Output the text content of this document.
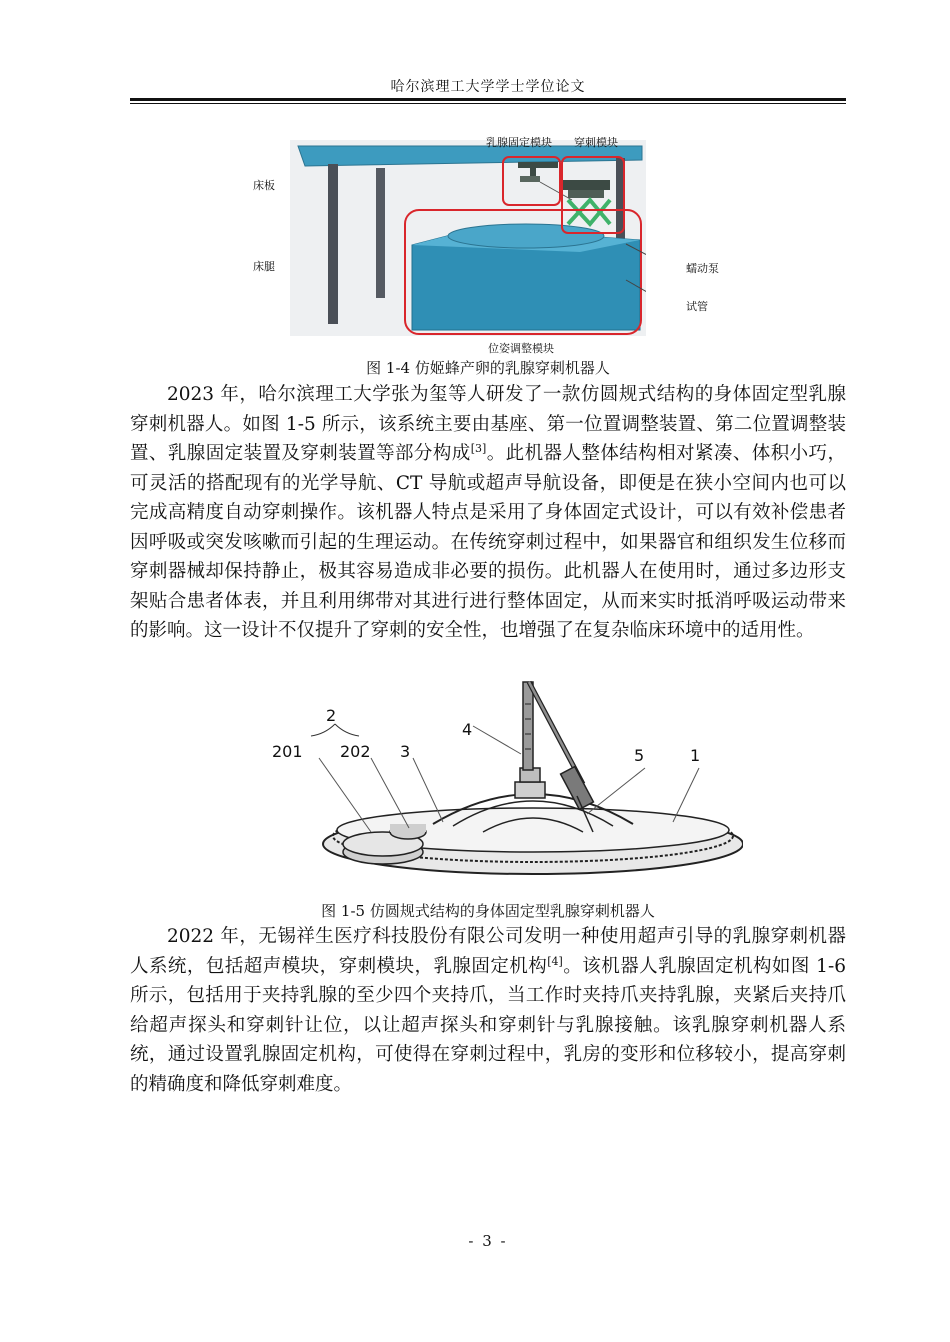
哈尔滨理工大学学士学位论文
床板
床腿
乳腺固定模块 穿刺模块
蠕动泵
试管
位姿调整模块
图 1-4 仿姬蜂产卵的乳腺穿刺机器人

2023 年，哈尔滨理工大学张为玺等人研发了一款仿圆规式结构的身体固定型乳腺穿刺机器人。如图 1-5 所示，该系统主要由基座、第一位置调整装置、第二位置调整装置、乳腺固定装置及穿刺装置等部分构成[3]。此机器人整体结构相对紧凑、体积小巧，可灵活的搭配现有的光学导航、CT 导航或超声导航设备，即便是在狭小空间内也可以完成高精度自动穿刺操作。该机器人特点是采用了身体固定式设计，可以有效补偿患者因呼吸或突发咳嗽而引起的生理运动。在传统穿刺过程中，如果器官和组织发生位移而穿刺器械却保持静止，极其容易造成非必要的损伤。此机器人在使用时，通过多边形支架贴合患者体表，并且利用绑带对其进行进行整体固定，从而来实时抵消呼吸运动带来的影响。这一设计不仅提升了穿刺的安全性，也增强了在复杂临床环境中的适用性。

2
201 202 3
4
5	1
图 1-5 仿圆规式结构的身体固定型乳腺穿刺机器人

2022 年，无锡祥生医疗科技股份有限公司发明一种使用超声引导的乳腺穿刺机器人系统，包括超声模块，穿刺模块，乳腺固定机构[4]。该机器人乳腺固定机构如图 1-6 所示，包括用于夹持乳腺的至少四个夹持爪，当工作时夹持爪夹持乳腺，夹紧后夹持爪给超声探头和穿刺针让位，以让超声探头和穿刺针与乳腺接触。该乳腺穿刺机器人系统，通过设置乳腺固定机构，可使得在穿刺过程中，乳房的变形和位移较小，提高穿刺的精确度和降低穿刺难度。

- 3 -
